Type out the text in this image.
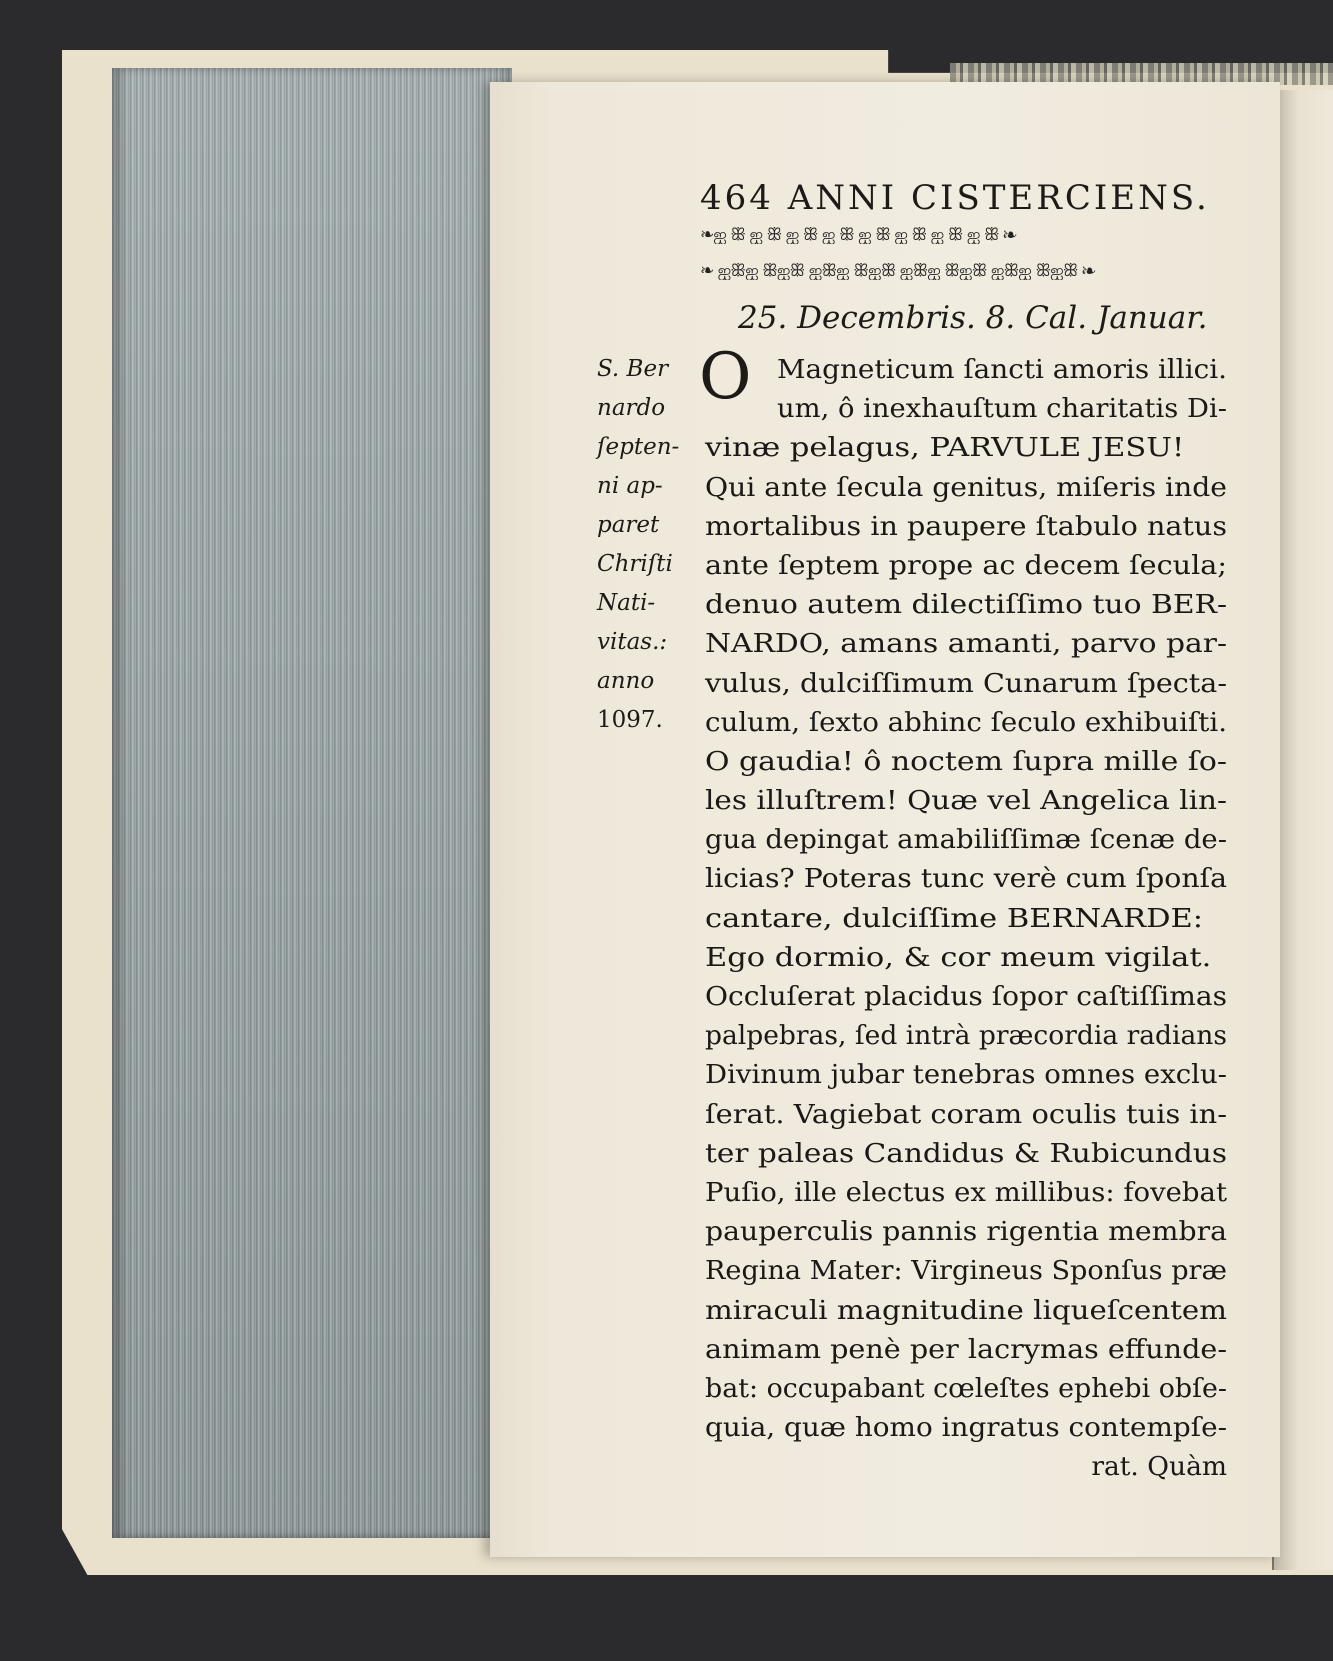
464 ANNI CISTERCIENS.
❧ஐ ꕥ ஐ ꕥ ஐ ꕥ ஐ ꕥ ஐ ꕥ ஐ ꕥ ஐ ꕥ ஐ ꕥ ❧
❧ ஐꕥஐ ꕥஐꕥ ஐꕥஐ ꕥஐꕥ ஐꕥஐ ꕥஐꕥ ஐꕥஐ ꕥஐꕥ ❧
25. Decembris. 8. Cal. Januar.
S. Ber
nardo
ſepten-
ni ap-
paret
Chriſti
Nati-
vitas.:
anno
1097.
O Magneticum ſancti amoris illici.
um, ô inexhauſtum charitatis Di-
vinæ pelagus, PARVULE JESU!
Qui ante ſecula genitus, miſeris inde
mortalibus in paupere ſtabulo natus
ante ſeptem prope ac decem ſecula;
denuo autem dilectiſſimo tuo BER-
NARDO, amans amanti, parvo par-
vulus, dulciſſimum Cunarum ſpecta-
culum, ſexto abhinc ſeculo exhibuiſti.
O gaudia! ô noctem ſupra mille ſo-
les illuſtrem! Quæ vel Angelica lin-
gua depingat amabiliſſimæ ſcenæ de-
licias? Poteras tunc verè cum ſponſa
cantare, dulciſſime BERNARDE:
Ego dormio, & cor meum vigilat.
Occluſerat placidus ſopor caſtiſſimas
palpebras, ſed intrà præcordia radians
Divinum jubar tenebras omnes exclu-
ſerat. Vagiebat coram oculis tuis in-
ter paleas Candidus & Rubicundus
Puſio, ille electus ex millibus: fovebat
pauperculis pannis rigentia membra
Regina Mater: Virgineus Sponſus præ
miraculi magnitudine liqueſcentem
animam penè per lacrymas effunde-
bat: occupabant cœleſtes ephebi obſe-
quia, quæ homo ingratus contempſe-
rat. Quàm
